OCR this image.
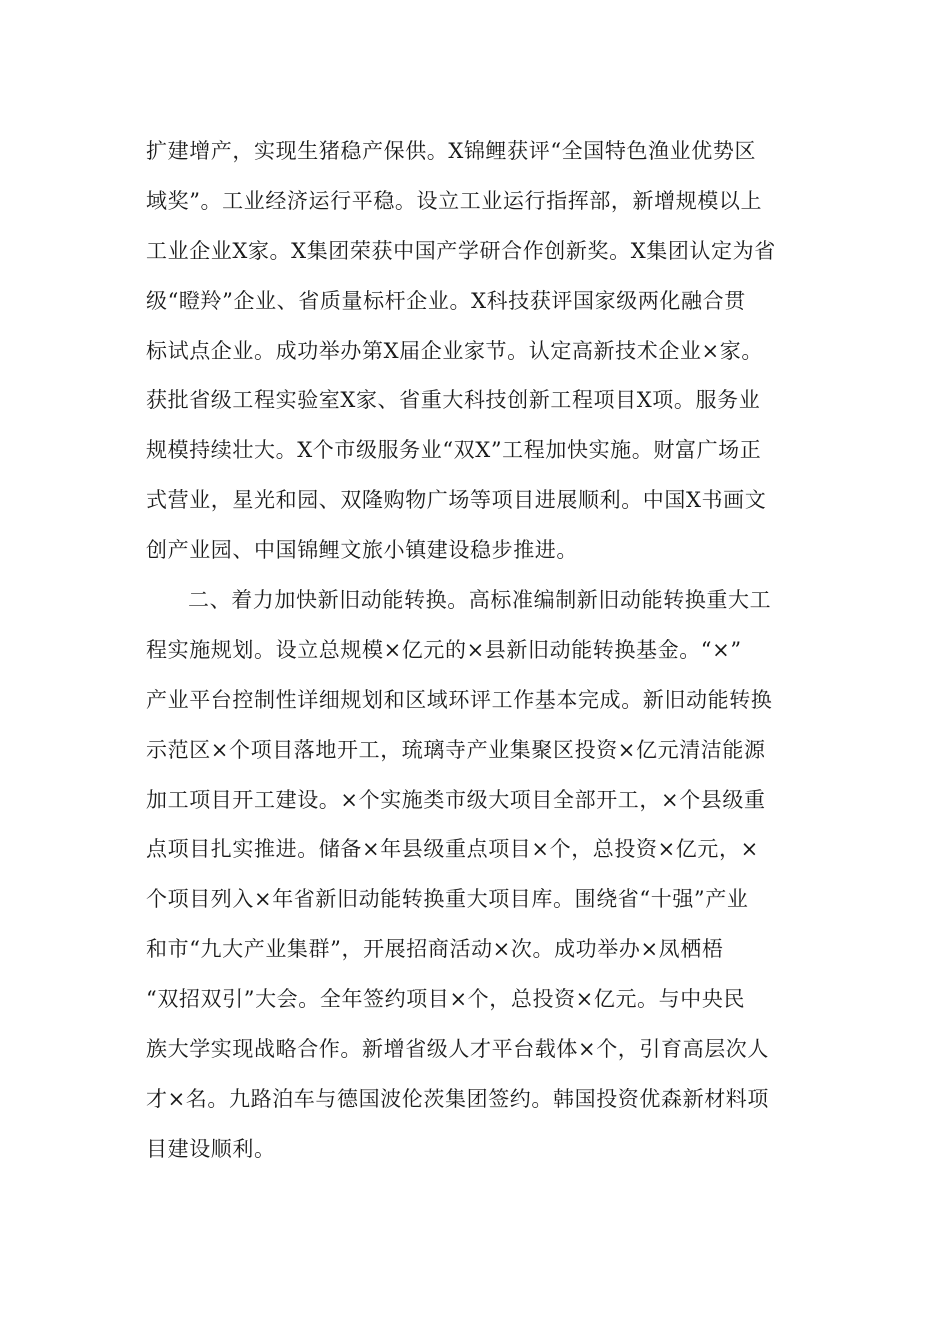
扩建增产，实现生猪稳产保供。X锦鲤获评“全国特色渔业优势区
域奖”。工业经济运行平稳。设立工业运行指挥部，新增规模以上
工业企业X家。X集团荣获中国产学研合作创新奖。X集团认定为省
级“瞪羚”企业、省质量标杆企业。X科技获评国家级两化融合贯
标试点企业。成功举办第X届企业家节。认定高新技术企业×家。
获批省级工程实验室X家、省重大科技创新工程项目X项。服务业
规模持续壮大。X个市级服务业“双X”工程加快实施。财富广场正
式营业，星光和园、双隆购物广场等项目进展顺利。中国X书画文
创产业园、中国锦鲤文旅小镇建设稳步推进。
二、着力加快新旧动能转换。高标准编制新旧动能转换重大工
程实施规划。设立总规模×亿元的×县新旧动能转换基金。“×”
产业平台控制性详细规划和区域环评工作基本完成。新旧动能转换
示范区×个项目落地开工，琉璃寺产业集聚区投资×亿元清洁能源
加工项目开工建设。×个实施类市级大项目全部开工，×个县级重
点项目扎实推进。储备×年县级重点项目×个，总投资×亿元，×
个项目列入×年省新旧动能转换重大项目库。围绕省“十强”产业
和市“九大产业集群”，开展招商活动×次。成功举办×凤栖梧
“双招双引”大会。全年签约项目×个，总投资×亿元。与中央民
族大学实现战略合作。新增省级人才平台载体×个，引育高层次人
才×名。九路泊车与德国波伦茨集团签约。韩国投资优森新材料项
目建设顺利。
